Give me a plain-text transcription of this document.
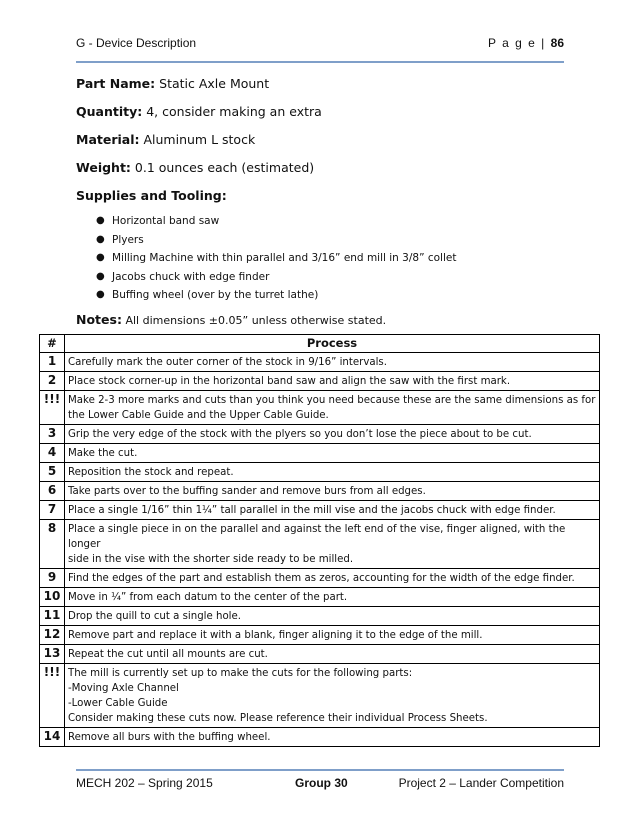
G - Device Description	P a g e | 86
Part Name: Static Axle Mount
Quantity: 4, consider making an extra
Material: Aluminum L stock
Weight: 0.1 ounces each (estimated)
Supplies and Tooling:
● Horizontal band saw
● Plyers
● Milling Machine with thin parallel and 3/16” end mill in 3/8” collet
● Jacobs chuck with edge finder
● Buffing wheel (over by the turret lathe)
Notes: All dimensions ±0.05” unless otherwise stated.
#	Process
1	Carefully mark the outer corner of the stock in 9/16” intervals.

2	Place stock corner-up in the horizontal band saw and align the saw with the first mark.

!!!	Make 2-3 more marks and cuts than you think you need because these are the same dimensions as for
the Lower Cable Guide and the Upper Cable Guide.

3	Grip the very edge of the stock with the plyers so you don’t lose the piece about to be cut.

4	Make the cut.

5	Reposition the stock and repeat.

6	Take parts over to the buffing sander and remove burs from all edges.

7	Place a single 1/16” thin 1¼” tall parallel in the mill vise and the jacobs chuck with edge finder.

8	Place a single piece in on the parallel and against the left end of the vise, finger aligned, with the longer
side in the vise with the shorter side ready to be milled.

9	Find the edges of the part and establish them as zeros, accounting for the width of the edge finder.

10	Move in ¼” from each datum to the center of the part.

11	Drop the quill to cut a single hole.

12	Remove part and replace it with a blank, finger aligning it to the edge of the mill.

13	Repeat the cut until all mounts are cut.

!!!	The mill is currently set up to make the cuts for the following parts:
-Moving Axle Channel
-Lower Cable Guide
Consider making these cuts now. Please reference their individual Process Sheets.

14	Remove all burs with the buffing wheel.
MECH 202 – Spring 2015	Group 30	Project 2 – Lander Competition
